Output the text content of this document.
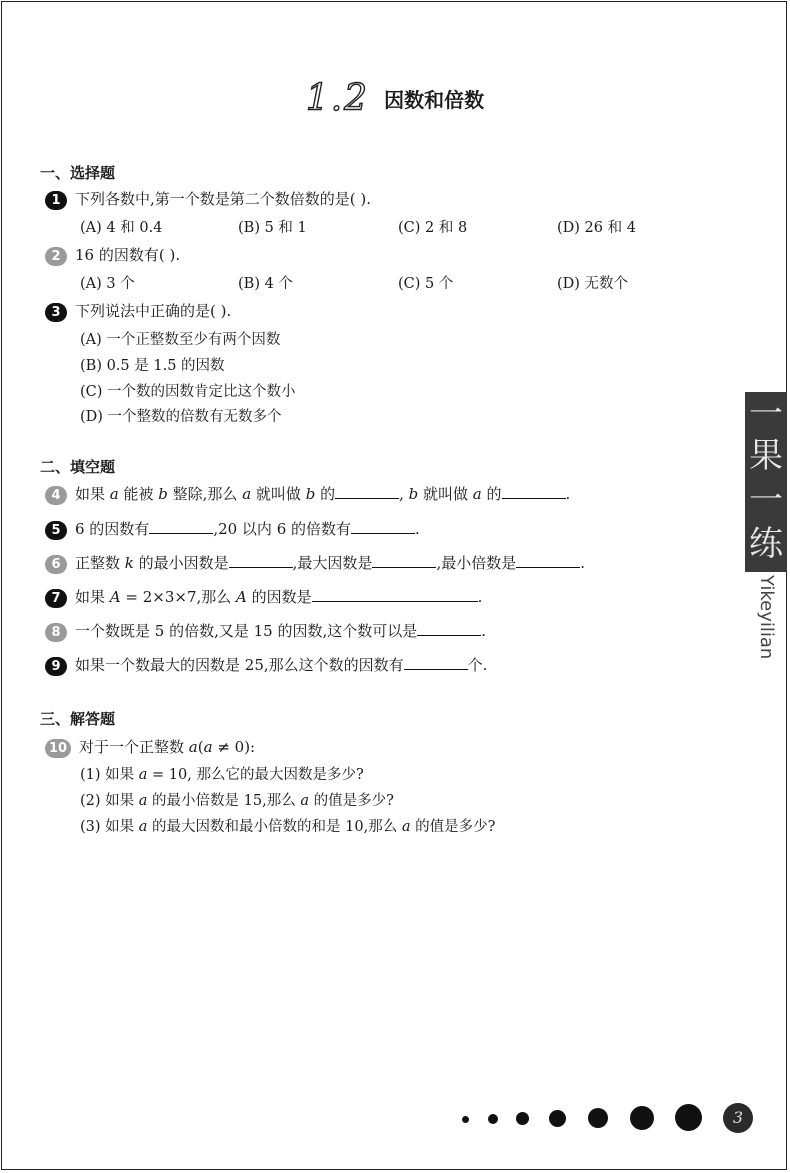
1.2 因数和倍数
一、选择题
1 下列各数中,第一个数是第二个数倍数的是( ).
(A) 4 和 0.4	(B) 5 和 1	(C) 2 和 8	(D) 26 和 4
2 16 的因数有( ).
(A) 3 个	(B) 4 个	(C) 5 个	(D) 无数个
3 下列说法中正确的是( ).
(A) 一个正整数至少有两个因数
(B) 0.5 是 1.5 的因数
(C) 一个数的因数肯定比这个数小
(D) 一个整数的倍数有无数多个
二、填空题
4 如果 a 能被 b 整除,那么 a 就叫做 b 的	, b 就叫做 a 的	.
5 6 的因数有	,20 以内 6 的倍数有	.
6 正整数 k 的最小因数是	,最大因数是	,最小倍数是	.
7 如果 A = 2×3×7,那么 A 的因数是	.
8 一个数既是 5 的倍数,又是 15 的因数,这个数可以是	.
9 如果一个数最大的因数是 25,那么这个数的因数有	个.
三、解答题
10 对于一个正整数 a(a ≠ 0):
(1) 如果 a = 10, 那么它的最大因数是多少?
(2) 如果 a 的最小倍数是 15,那么 a 的值是多少?
(3) 如果 a 的最大因数和最小倍数的和是 10,那么 a 的值是多少?
一
果
一
练
Yikeyilian
3
